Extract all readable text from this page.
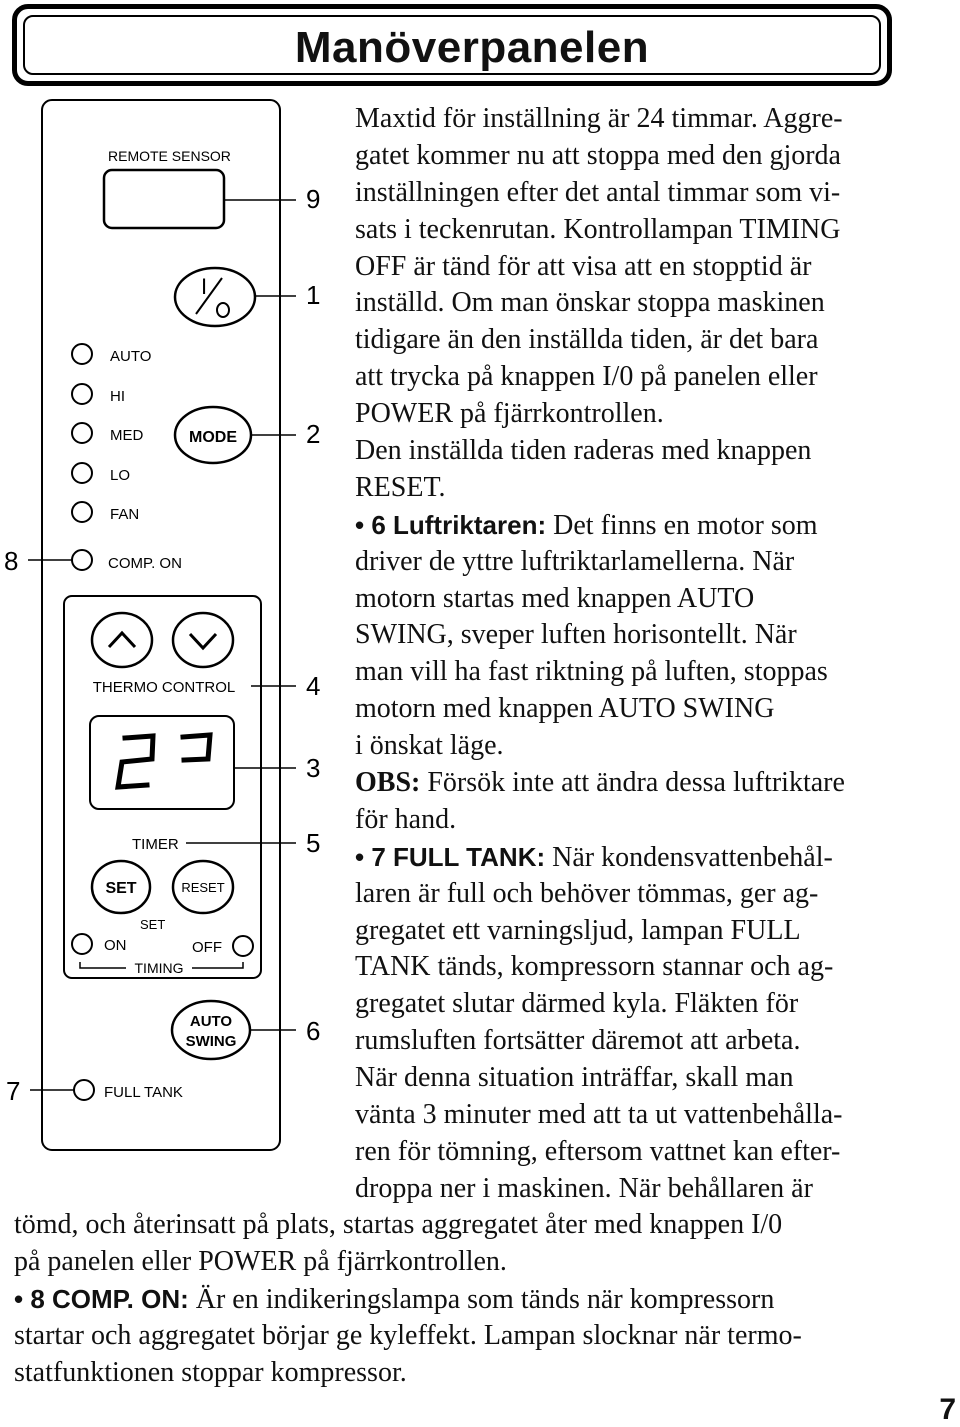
Manöverpanelen
REMOTE SENSOR
I
AUTO
HI
MED
LO
FAN
MODE
COMP. ON
THERMO CONTROL
TIMER
SET	RESET
SET
ON	OFF
TIMING
AUTO
SWING
FULL TANK
9
1
2
8
4
3
5
6
7
Maxtid för inställning är 24 timmar. Aggre-
gatet kommer nu att stoppa med den gjorda
inställningen efter det antal timmar som vi-
sats i teckenrutan. Kontrollampan TIMING
OFF är tänd för att visa att en stopptid är
inställd. Om man önskar stoppa maskinen
tidigare än den inställda tiden, är det bara
att trycka på knappen I/0 på panelen eller
POWER på fjärrkontrollen.
Den inställda tiden raderas med knappen
RESET.
• 6 Luftriktaren: Det finns en motor som
driver de yttre luftriktarlamellerna. När
motorn startas med knappen AUTO
SWING, sveper luften horisontellt. När
man vill ha fast riktning på luften, stoppas
motorn med knappen AUTO SWING
i önskat läge.
OBS: Försök inte att ändra dessa luftriktare
för hand.
• 7 FULL TANK: När kondensvattenbehål-
laren är full och behöver tömmas, ger ag-
gregatet ett varningsljud, lampan FULL
TANK tänds, kompressorn stannar och ag-
gregatet slutar därmed kyla. Fläkten för
rumsluften fortsätter däremot att arbeta.
När denna situation inträffar, skall man
vänta 3 minuter med att ta ut vattenbehålla-
ren för tömning, eftersom vattnet kan efter-
droppa ner i maskinen. När behållaren är
tömd, och återinsatt på plats, startas aggregatet åter med knappen I/0
på panelen eller POWER på fjärrkontrollen.
• 8 COMP. ON: Är en indikeringslampa som tänds när kompressorn
startar och aggregatet börjar ge kyleffekt. Lampan slocknar när termo-
statfunktionen stoppar kompressor.
7
